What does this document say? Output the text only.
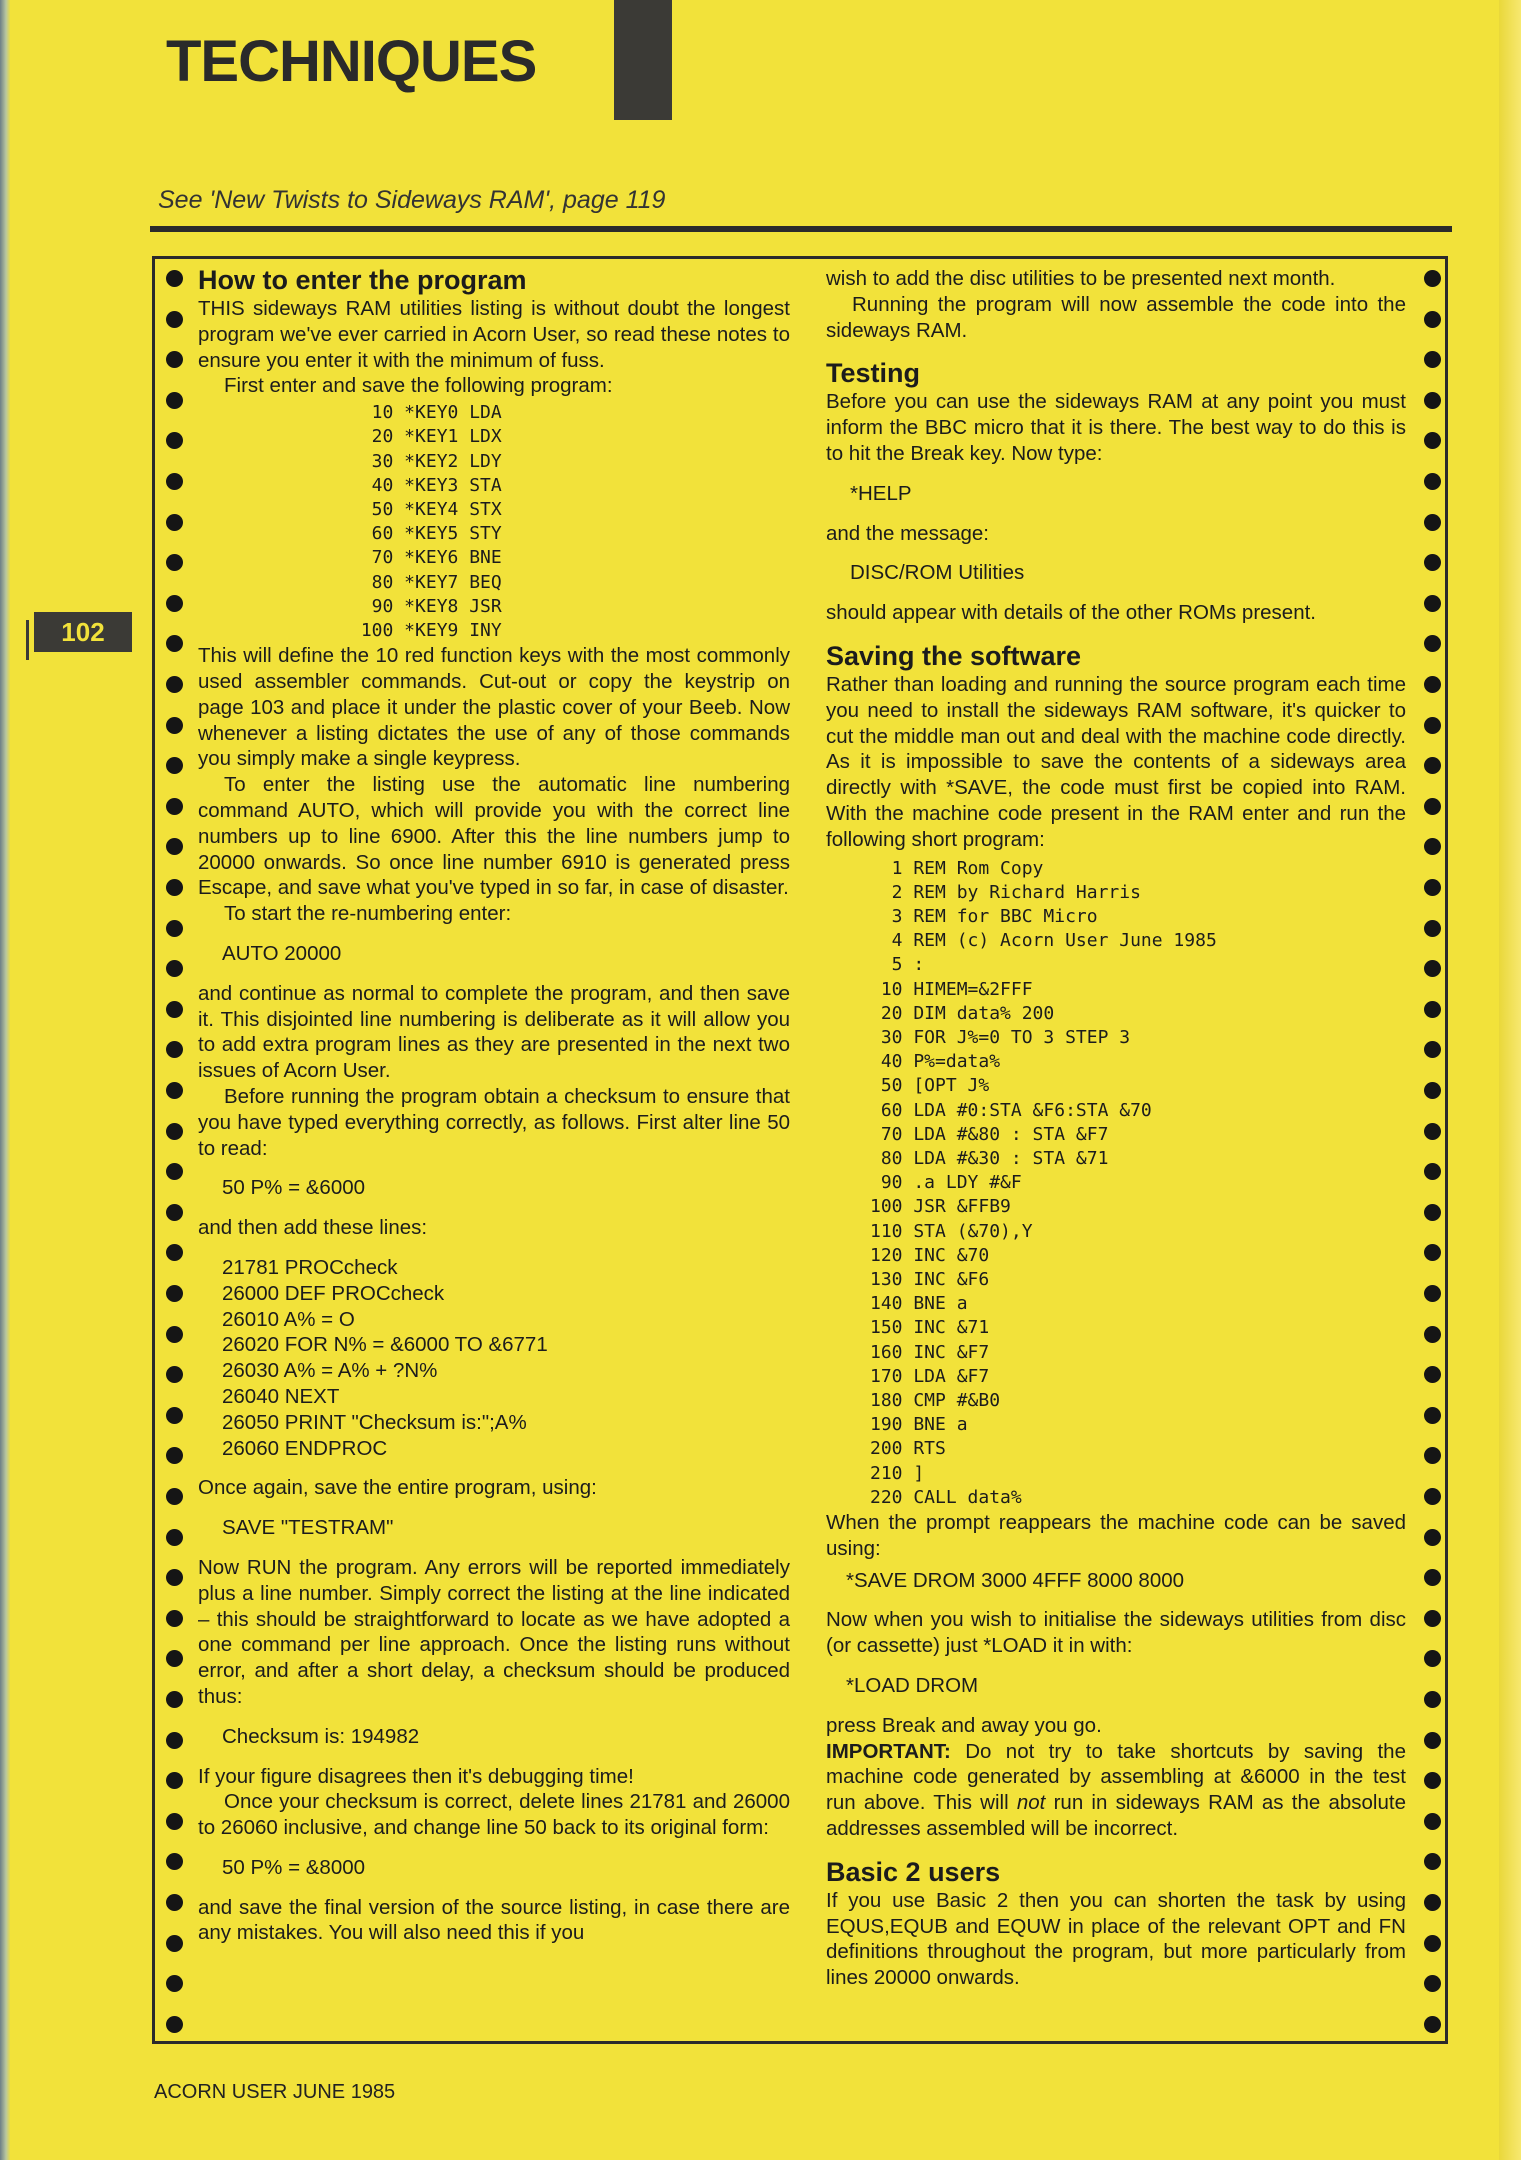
TECHNIQUES
See 'New Twists to Sideways RAM', page 119
102
How to enter the program

THIS sideways RAM utilities listing is without doubt the longest program we've ever carried in Acorn User, so read these notes to ensure you enter it with the minimum of fuss.

First enter and save the following program:

10 *KEY0 LDA
20 *KEY1 LDX
30 *KEY2 LDY
40 *KEY3 STA
50 *KEY4 STX
60 *KEY5 STY
70 *KEY6 BNE
80 *KEY7 BEQ
90 *KEY8 JSR
100 *KEY9 INY

This will define the 10 red function keys with the most commonly used assembler commands. Cut-out or copy the keystrip on page 103 and place it under the plastic cover of your Beeb. Now whenever a listing dictates the use of any of those commands you simply make a single keypress.

To enter the listing use the automatic line numbering command AUTO, which will provide you with the correct line numbers up to line 6900. After this the line numbers jump to 20000 onwards. So once line number 6910 is generated press Escape, and save what you've typed in so far, in case of disaster.

To start the re-numbering enter:

AUTO 20000

and continue as normal to complete the program, and then save it. This disjointed line numbering is deliberate as it will allow you to add extra program lines as they are presented in the next two issues of Acorn User.

Before running the program obtain a checksum to ensure that you have typed everything correctly, as follows. First alter line 50 to read:

50 P% = &6000

and then add these lines:

21781 PROCcheck
26000 DEF PROCcheck
26010 A% = O
26020 FOR N% = &6000 TO &6771
26030 A% = A% + ?N%
26040 NEXT
26050 PRINT "Checksum is:";A%
26060 ENDPROC

Once again, save the entire program, using:

SAVE "TESTRAM"

Now RUN the program. Any errors will be reported immediately plus a line number. Simply correct the listing at the line indicated – this should be straightforward to locate as we have adopted a one command per line approach. Once the listing runs without error, and after a short delay, a checksum should be produced thus:

Checksum is: 194982

If your figure disagrees then it's debugging time!

Once your checksum is correct, delete lines 21781 and 26000 to 26060 inclusive, and change line 50 back to its original form:

50 P% = &8000

and save the final version of the source listing, in case there are any mistakes. You will also need this if you

wish to add the disc utilities to be presented next month.

Running the program will now assemble the code into the sideways RAM.

Testing

Before you can use the sideways RAM at any point you must inform the BBC micro that it is there. The best way to do this is to hit the Break key. Now type:

*HELP

and the message:

DISC/ROM Utilities

should appear with details of the other ROMs present.

Saving the software

Rather than loading and running the source program each time you need to install the sideways RAM software, it's quicker to cut the middle man out and deal with the machine code directly. As it is impossible to save the contents of a sideways area directly with *SAVE, the code must first be copied into RAM. With the machine code present in the RAM enter and run the following short program:

1 REM Rom Copy
2 REM by Richard Harris
3 REM for BBC Micro
4 REM (c) Acorn User June 1985
5 :
10 HIMEM=&2FFF
20 DIM data% 200
30 FOR J%=0 TO 3 STEP 3
40 P%=data%
50 [OPT J%
60 LDA #0:STA &F6:STA &70
70 LDA #&80 : STA &F7
80 LDA #&30 : STA &71
90 .a LDY #&F
100 JSR &FFB9
110 STA (&70),Y
120 INC &70
130 INC &F6
140 BNE a
150 INC &71
160 INC &F7
170 LDA &F7
180 CMP #&B0
190 BNE a
200 RTS
210 ]
220 CALL data%

When the prompt reappears the machine code can be saved using:

*SAVE DROM 3000 4FFF 8000 8000

Now when you wish to initialise the sideways utilities from disc (or cassette) just *LOAD it in with:

*LOAD DROM

press Break and away you go.

IMPORTANT: Do not try to take shortcuts by saving the machine code generated by assembling at &6000 in the test run above. This will not run in sideways RAM as the absolute addresses assembled will be incorrect.

Basic 2 users

If you use Basic 2 then you can shorten the task by using EQUS,EQUB and EQUW in place of the relevant OPT and FN definitions throughout the program, but more particularly from lines 20000 onwards.

ACORN USER JUNE 1985
